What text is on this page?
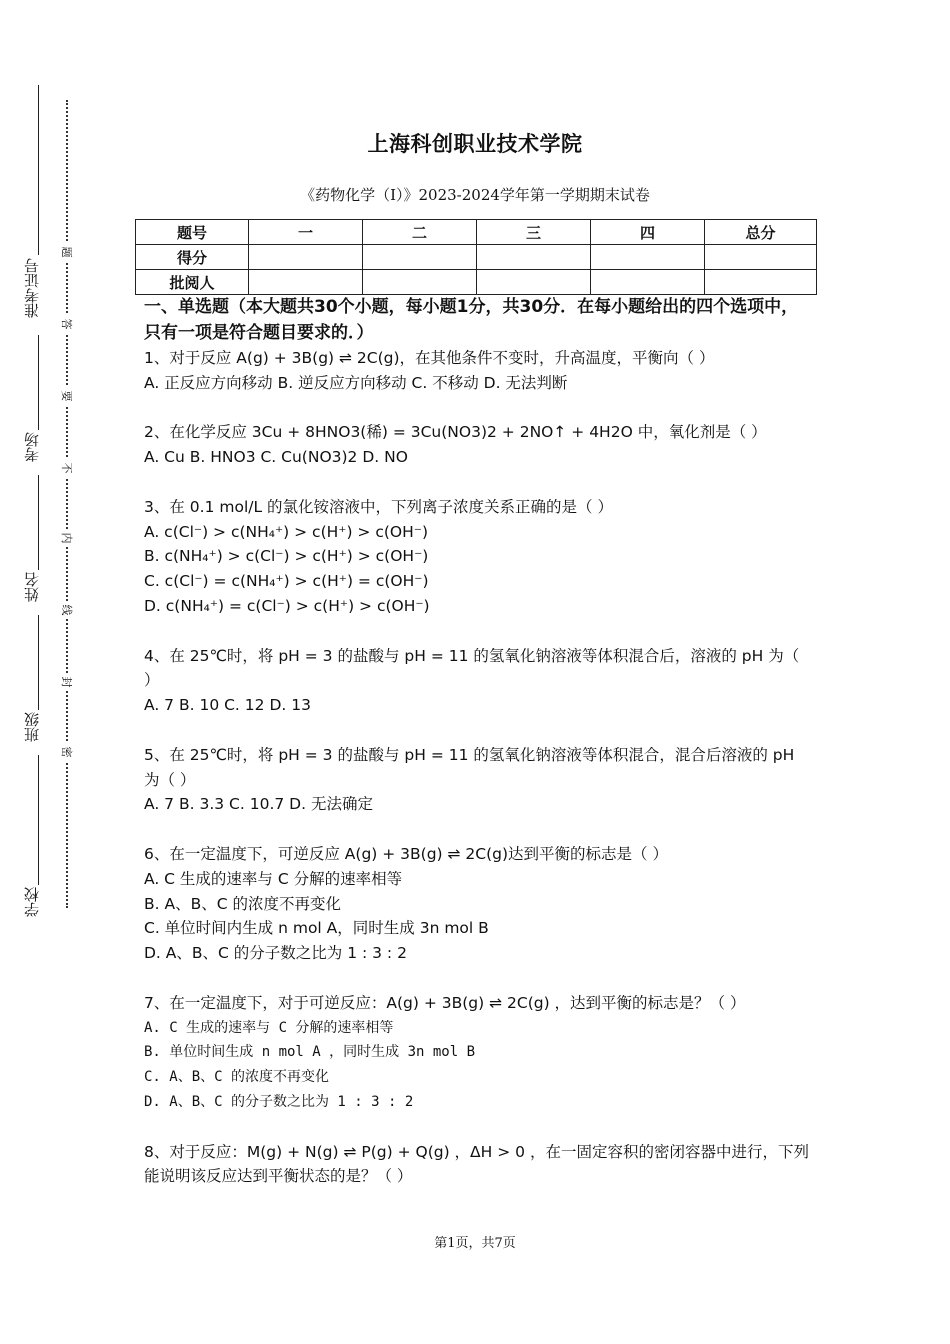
准考证号
考场
姓名
班级
学校
题
答
要
不
内
线
封
密
上海科创职业技术学院
《药物化学（I）》2023-2024学年第一学期期末试卷
题号	一	二	三	四	总分
得分					
批阅人					
一、单选题（本大题共30个小题，每小题1分，共30分．在每小题给出的四个选项中，只有一项是符合题目要求的．）
1、对于反应 A(g) + 3B(g) ⇌ 2C(g)，在其他条件不变时，升高温度，平衡向（ ）
A. 正反应方向移动 B. 逆反应方向移动 C. 不移动 D. 无法判断
2、在化学反应 3Cu + 8HNO3(稀) = 3Cu(NO3)2 + 2NO↑ + 4H2O 中，氧化剂是（ ）
A. Cu B. HNO3 C. Cu(NO3)2 D. NO
3、在 0.1 mol/L 的氯化铵溶液中，下列离子浓度关系正确的是（ ）
A. c(Cl⁻) > c(NH₄⁺) > c(H⁺) > c(OH⁻)
B. c(NH₄⁺) > c(Cl⁻) > c(H⁺) > c(OH⁻)
C. c(Cl⁻) = c(NH₄⁺) > c(H⁺) = c(OH⁻)
D. c(NH₄⁺) = c(Cl⁻) > c(H⁺) > c(OH⁻)
4、在 25℃时，将 pH = 3 的盐酸与 pH = 11 的氢氧化钠溶液等体积混合后，溶液的 pH 为（ ）
A. 7 B. 10 C. 12 D. 13
5、在 25℃时，将 pH = 3 的盐酸与 pH = 11 的氢氧化钠溶液等体积混合，混合后溶液的 pH 为（ ）
A. 7 B. 3.3 C. 10.7 D. 无法确定
6、在一定温度下，可逆反应 A(g) + 3B(g) ⇌ 2C(g)达到平衡的标志是（ ）
A. C 生成的速率与 C 分解的速率相等
B. A、B、C 的浓度不再变化
C. 单位时间内生成 n mol A，同时生成 3n mol B
D. A、B、C 的分子数之比为 1 : 3 : 2
7、在一定温度下，对于可逆反应：A(g) + 3B(g) ⇌ 2C(g) ，达到平衡的标志是？（ ）
A. C 生成的速率与 C 分解的速率相等
B. 单位时间生成 n mol A ，同时生成 3n mol B
C. A、B、C 的浓度不再变化
D. A、B、C 的分子数之比为 1 : 3 : 2
8、对于反应：M(g) + N(g) ⇌ P(g) + Q(g) ，ΔH > 0 ，在一固定容积的密闭容器中进行，下列能说明该反应达到平衡状态的是？（ ）
第1页，共7页
